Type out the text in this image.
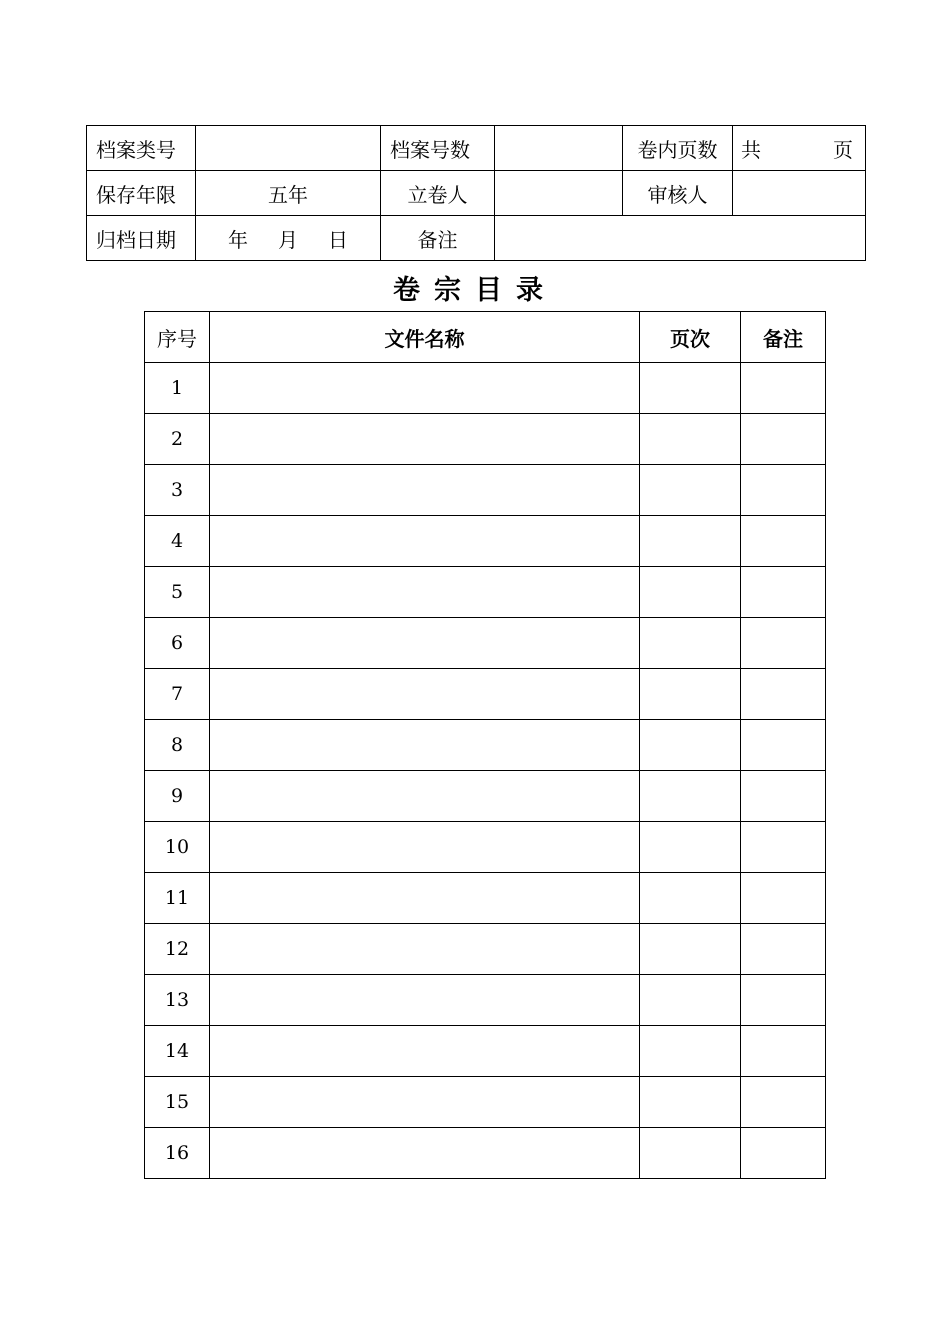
档案类号		档案号数		卷内页数	共 页

保存年限	五年	立卷人		审核人	
归档日期	年 月 日	备注			
卷宗目录
序号	文件名称	页次	备注
1			
2			
3			
4			
5			
6			
7			
8			
9			
10			
11			
12			
13			
14			
15			
16			
